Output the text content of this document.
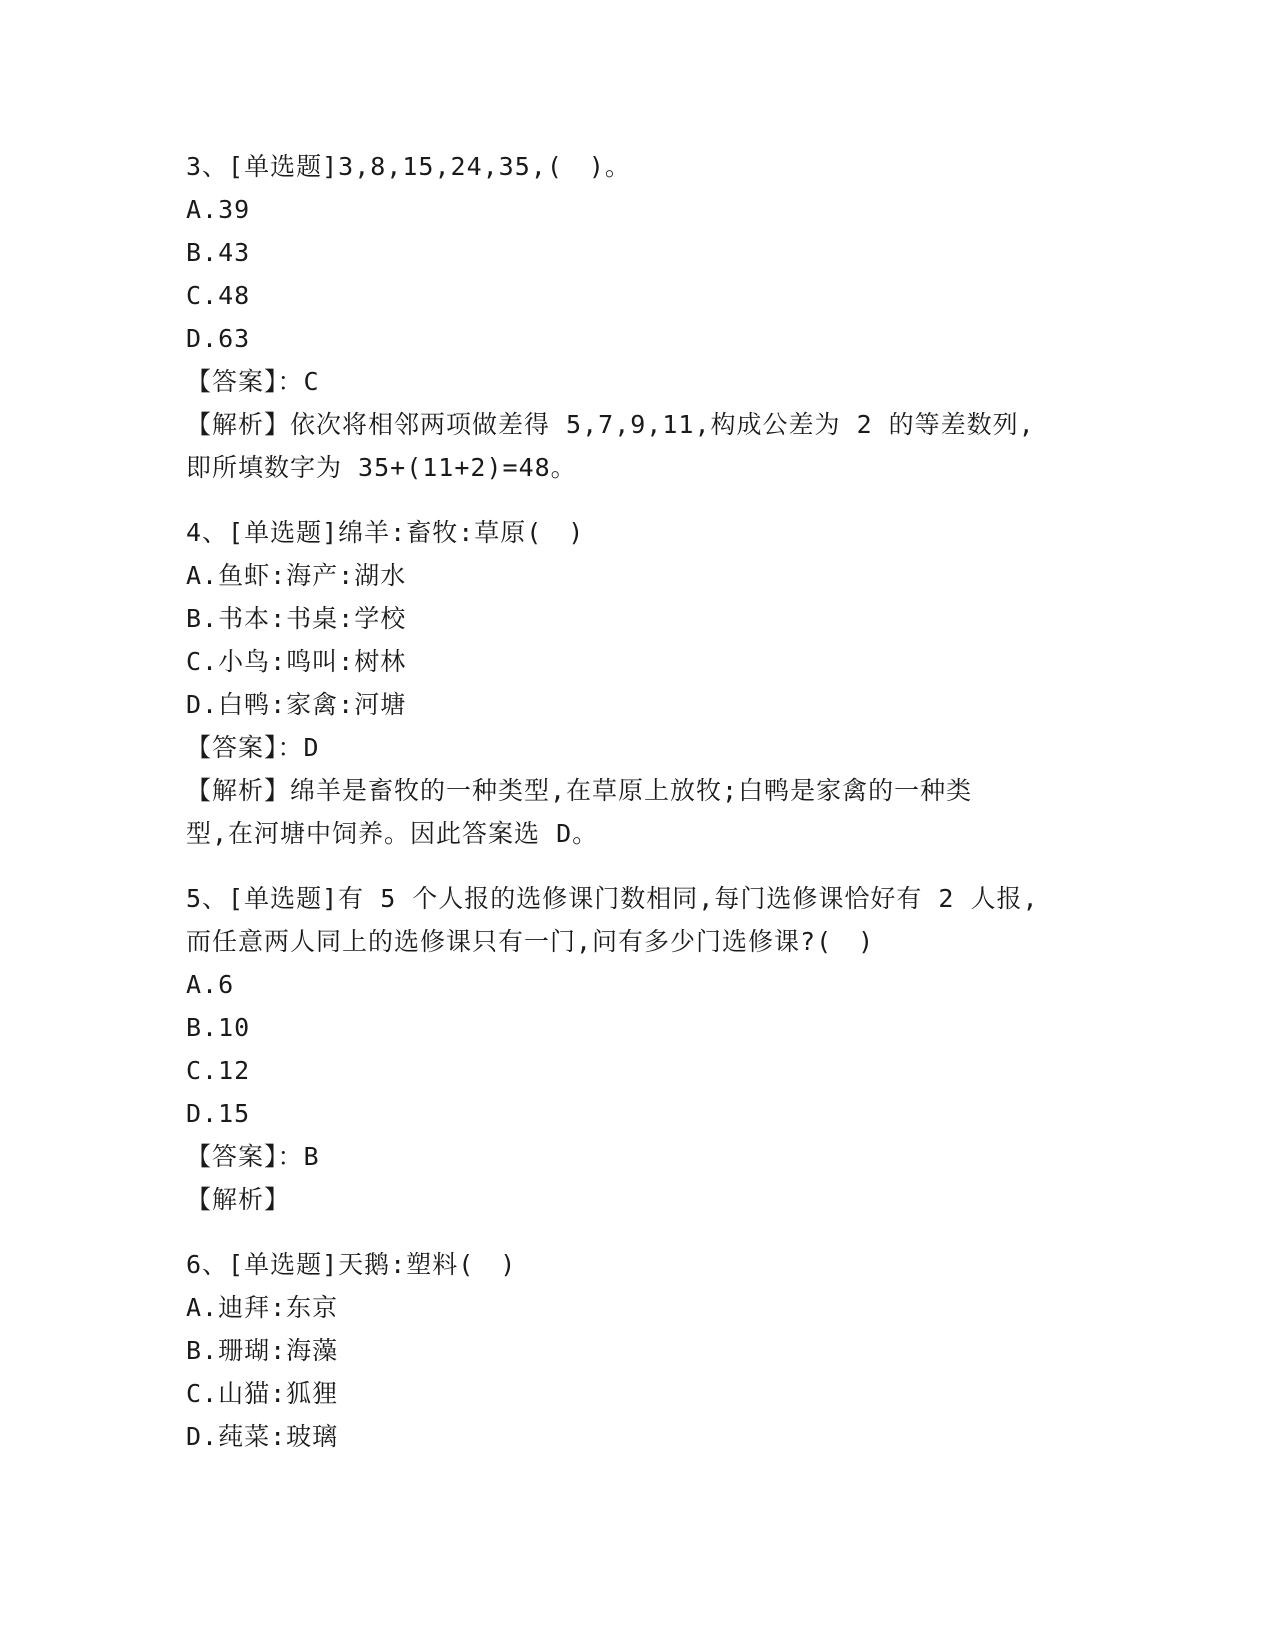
3、[单选题]3,8,15,24,35,(　)。
A.39
B.43
C.48
D.63
【答案】：C
【解析】依次将相邻两项做差得 5,7,9,11,构成公差为 2 的等差数列,
即所填数字为 35+(11+2)=48。
4、[单选题]绵羊:畜牧:草原(　)
A.鱼虾:海产:湖水
B.书本:书桌:学校
C.小鸟:鸣叫:树林
D.白鸭:家禽:河塘
【答案】：D
【解析】绵羊是畜牧的一种类型,在草原上放牧;白鸭是家禽的一种类
型,在河塘中饲养。因此答案选 D。
5、[单选题]有 5 个人报的选修课门数相同,每门选修课恰好有 2 人报,
而任意两人同上的选修课只有一门,问有多少门选修课?(　)
A.6
B.10
C.12
D.15
【答案】：B
【解析】
6、[单选题]天鹅:塑料(　)
A.迪拜:东京
B.珊瑚:海藻
C.山猫:狐狸
D.莼菜:玻璃
